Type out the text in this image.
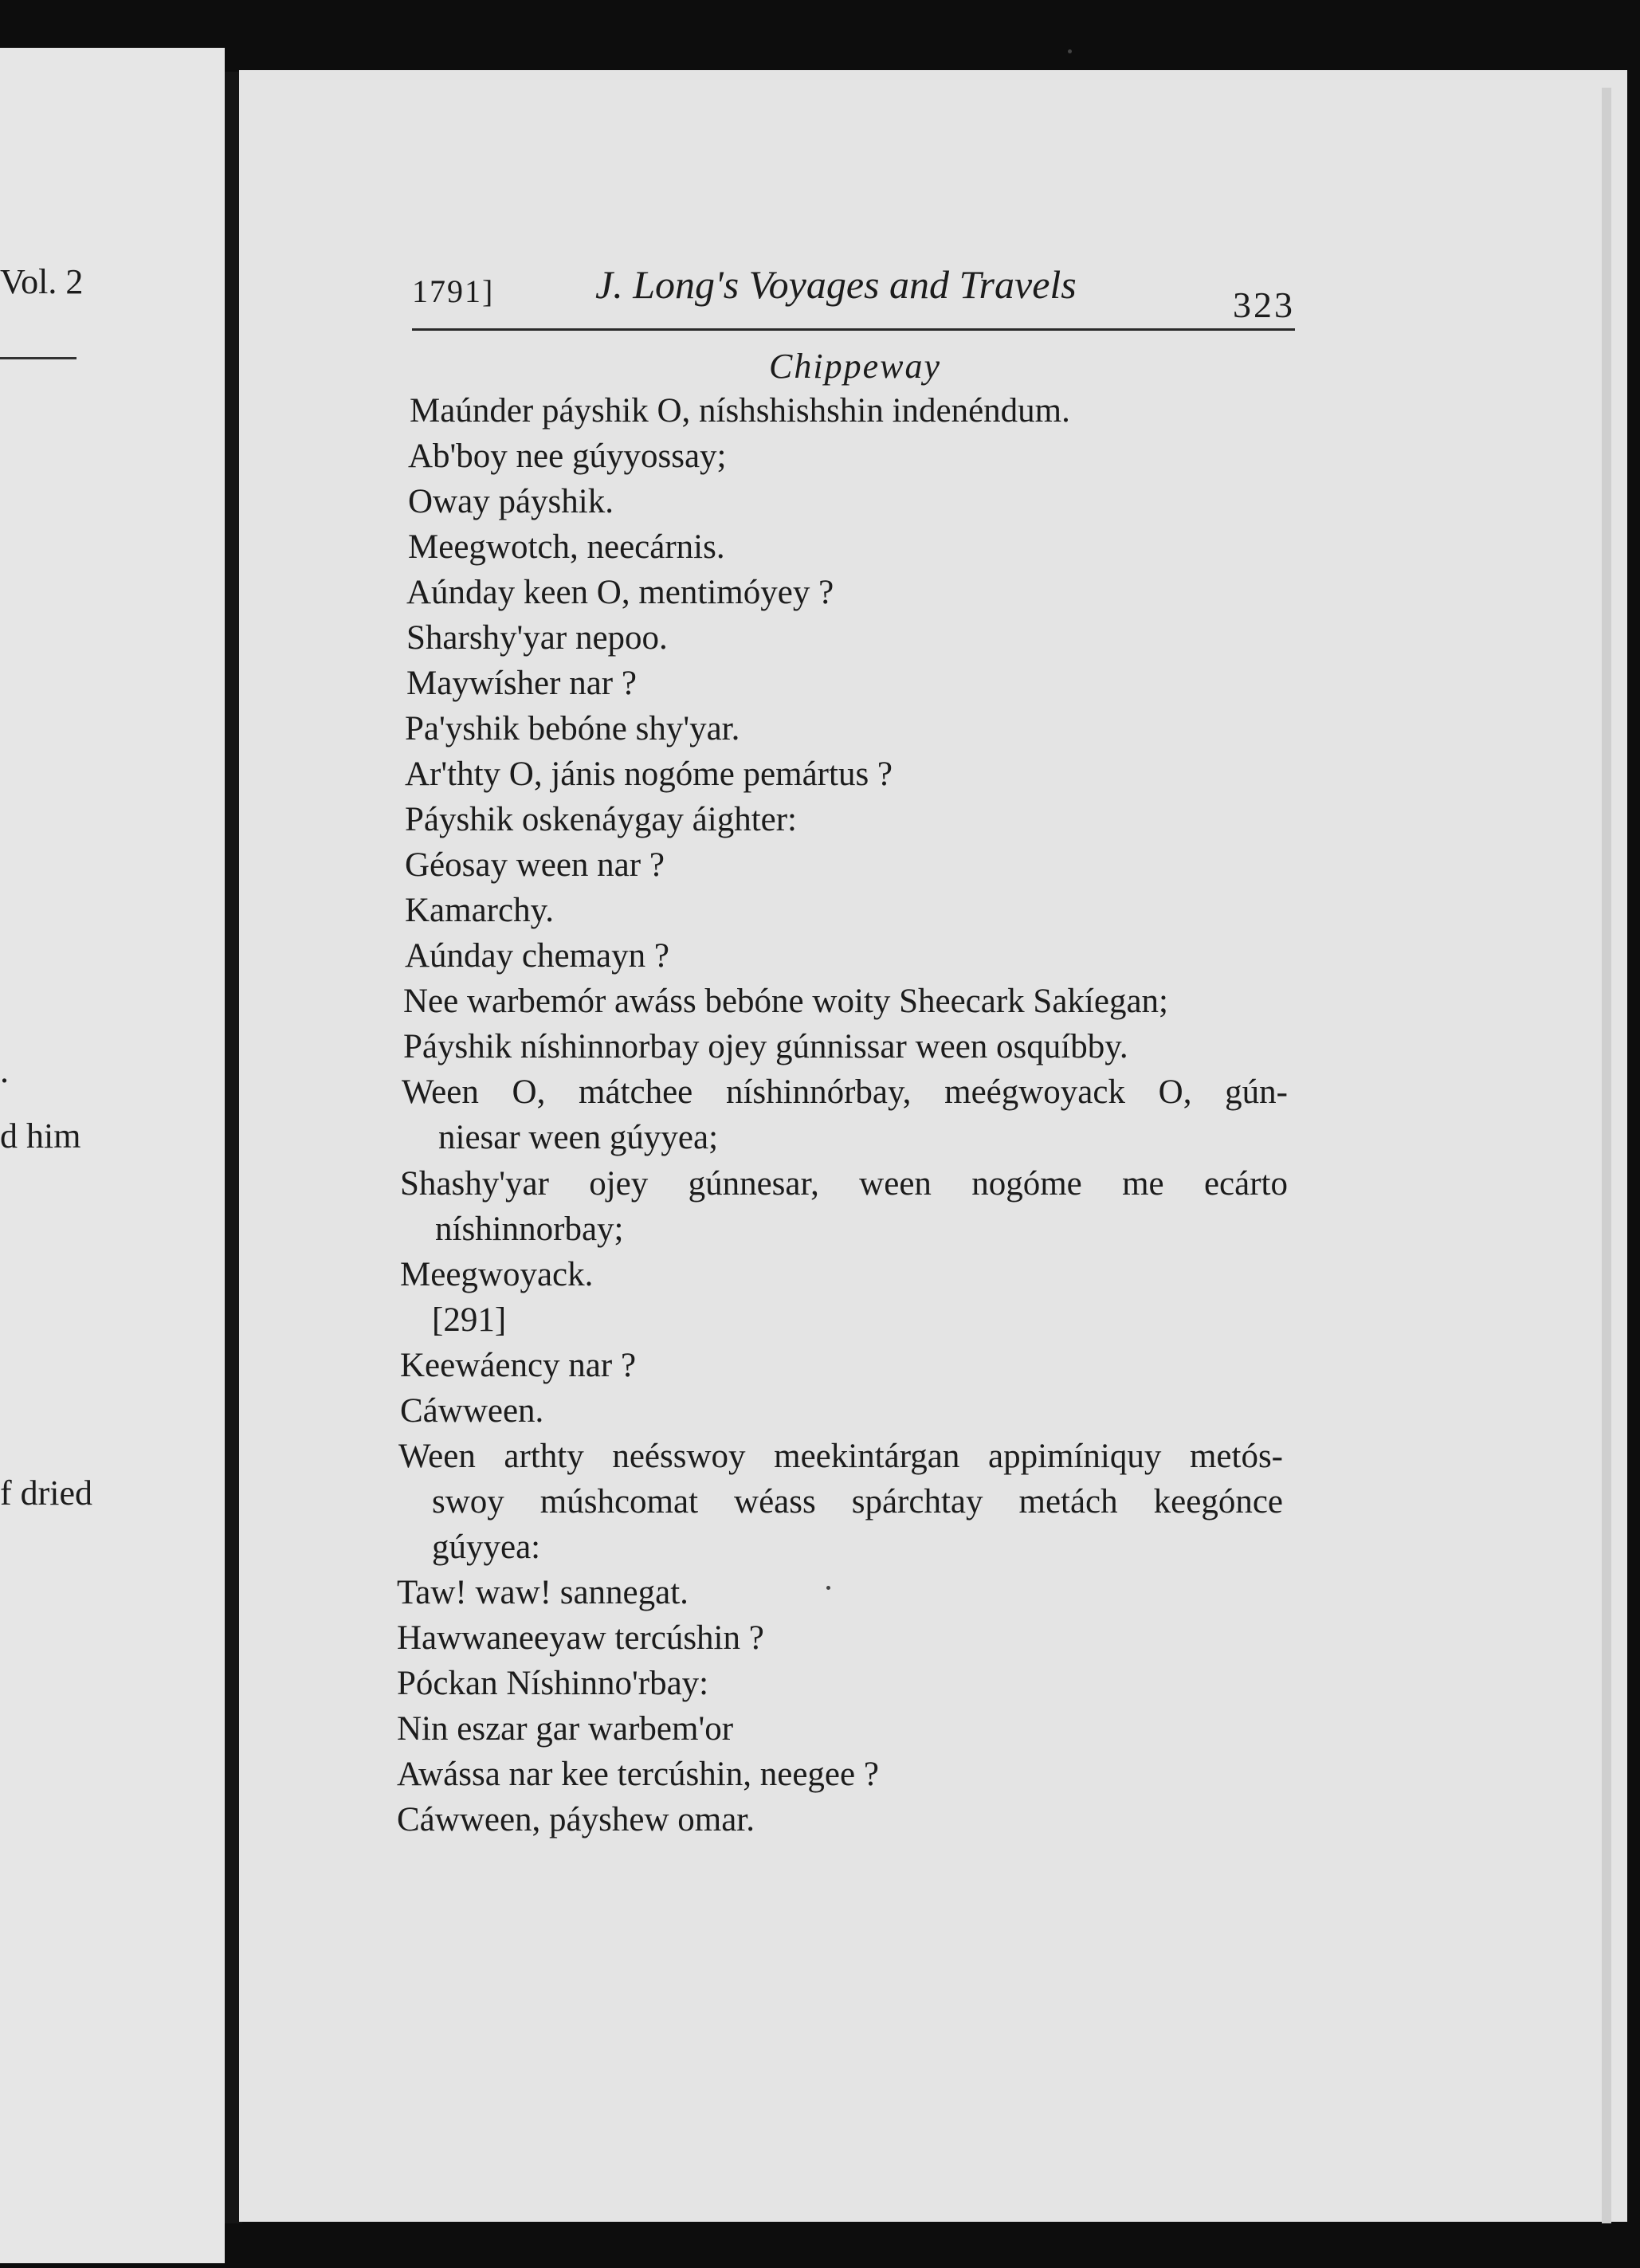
Vol. 2
.
d him
f dried
1791]	J. Long's Voyages and Travels	323
Chippeway
Maúnder páyshik O, níshshishshin indenéndum.
Ab'boy nee gúyyossay;
Oway páyshik.
Meegwotch, neecárnis.
Aúnday keen O, mentimóyey ?
Sharshy'yar nepoo.
Maywísher nar ?
Pa'yshik bebóne shy'yar.
Ar'thty O, jánis nogóme pemártus ?
Páyshik oskenáygay áighter:
Géosay ween nar ?
Kamarchy.
Aúnday chemayn ?
Nee warbemór awáss bebóne woity Sheecark Sakíegan;
Páyshik níshinnorbay ojey gúnnissar ween osquíbby.
Ween O, mátchee níshinnórbay, meégwoyack O, gún-
niesar ween gúyyea;
Shashy'yar ojey gúnnesar, ween nogóme me ecárto
níshinnorbay;
Meegwoyack.
[291]
Keewáency nar ?
Cáwween.
Ween arthty neésswoy meekintárgan appimíniquy metós-
swoy múshcomat wéass spárchtay metách keegónce
gúyyea:
Taw! waw! sannegat.
Hawwaneeyaw tercúshin ?
Póckan Níshinno'rbay:
Nin eszar gar warbem'or
Awássa nar kee tercúshin, neegee ?
Cáwween, páyshew omar.
